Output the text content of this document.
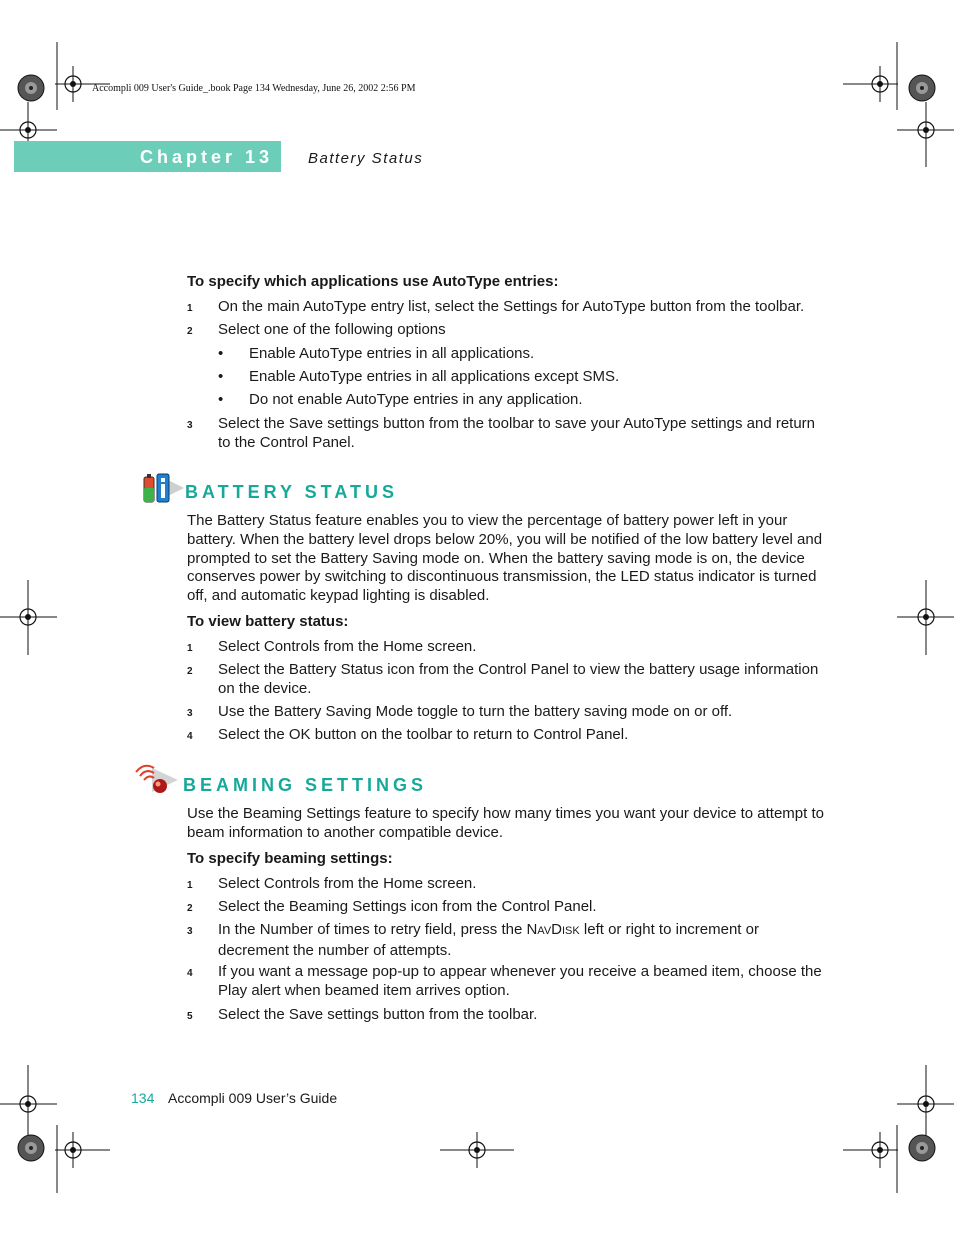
Accompli 009 User's Guide_.book Page 134 Wednesday, June 26, 2002 2:56 PM
Chapter 13 Battery Status
To specify which applications use AutoType entries:
1 On the main AutoType entry list, select the Settings for AutoType button from the toolbar.
2 Select one of the following options
• Enable AutoType entries in all applications.
• Enable AutoType entries in all applications except SMS.
• Do not enable AutoType entries in any application.
3 Select the Save settings button from the toolbar to save your AutoType settings and return to the Control Panel.
BATTERY STATUS
The Battery Status feature enables you to view the percentage of battery power left in your battery. When the battery level drops below 20%, you will be notified of the low battery level and prompted to set the Battery Saving mode on. When the battery saving mode is on, the device conserves power by switching to discontinuous transmission, the LED status indicator is turned off, and automatic keypad lighting is disabled.
To view battery status:
1 Select Controls from the Home screen.
2 Select the Battery Status icon from the Control Panel to view the battery usage information on the device.
3 Use the Battery Saving Mode toggle to turn the battery saving mode on or off.
4 Select the OK button on the toolbar to return to Control Panel.
BEAMING SETTINGS
Use the Beaming Settings feature to specify how many times you want your device to attempt to beam information to another compatible device.
To specify beaming settings:
1 Select Controls from the Home screen.
2 Select the Beaming Settings icon from the Control Panel.
3 In the Number of times to retry field, press the NAVDISK left or right to increment or decrement the number of attempts.
4 If you want a message pop-up to appear whenever you receive a beamed item, choose the Play alert when beamed item arrives option.
5 Select the Save settings button from the toolbar.
134 Accompli 009 User’s Guide
